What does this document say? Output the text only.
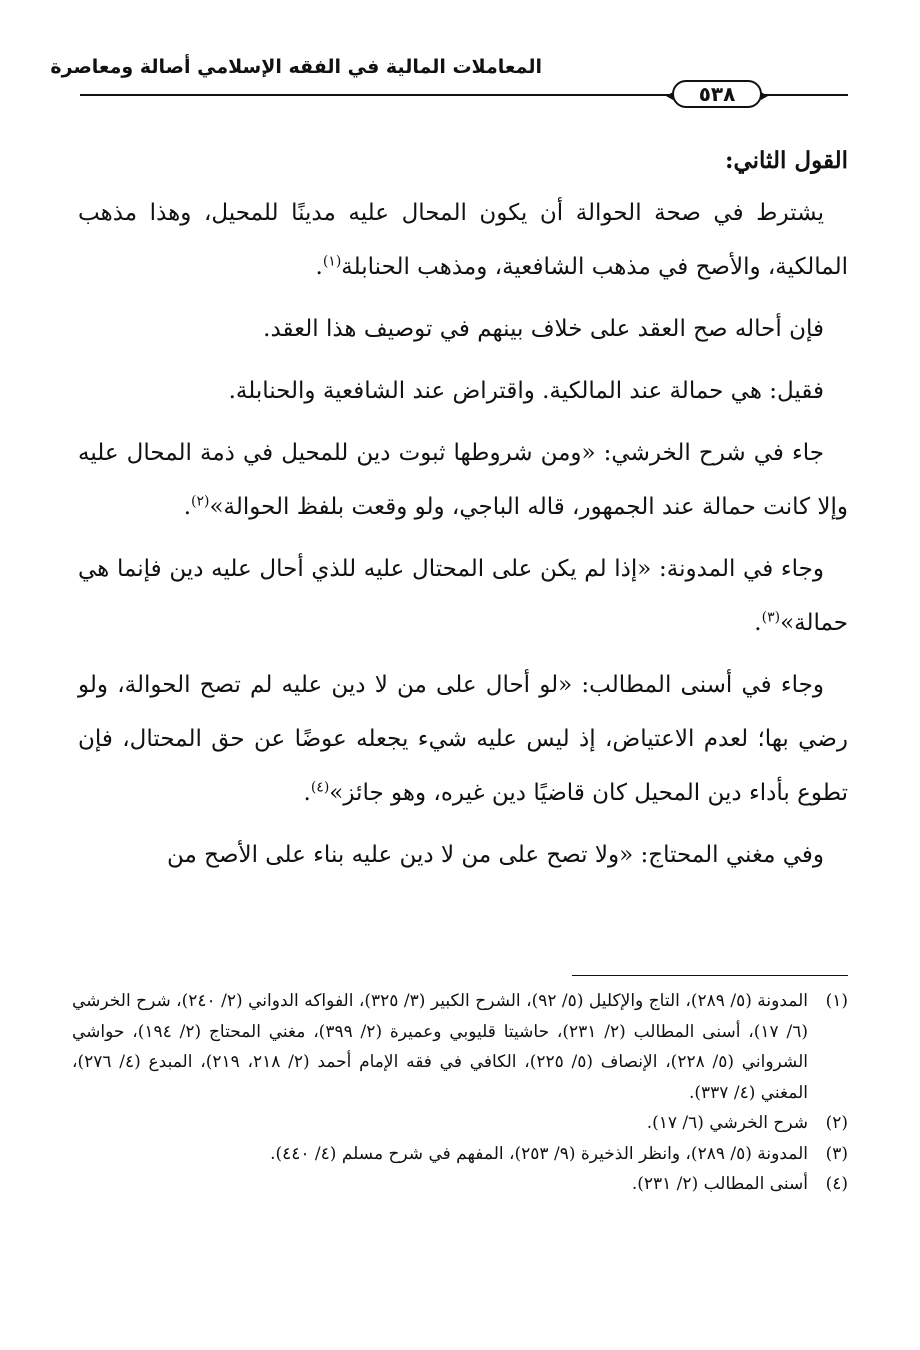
المعاملات المالية في الفقه الإسلامي أصالة ومعاصرة
٥٣٨
القول الثاني:

يشترط في صحة الحوالة أن يكون المحال عليه مدينًا للمحيل، وهذا مذهب المالكية، والأصح في مذهب الشافعية، ومذهب الحنابلة$^{(١)}$.

فإن أحاله صح العقد على خلاف بينهم في توصيف هذا العقد.

فقيل: هي حمالة عند المالكية. واقتراض عند الشافعية والحنابلة.

جاء في شرح الخرشي: «ومن شروطها ثبوت دين للمحيل في ذمة المحال عليه وإلا كانت حمالة عند الجمهور، قاله الباجي، ولو وقعت بلفظ الحوالة»$^{(٢)}$.

وجاء في المدونة: «إذا لم يكن على المحتال عليه للذي أحال عليه دين فإنما هي حمالة»$^{(٣)}$.

وجاء في أسنى المطالب: «لو أحال على من لا دين عليه لم تصح الحوالة، ولو رضي بها؛ لعدم الاعتياض، إذ ليس عليه شيء يجعله عوضًا عن حق المحتال، فإن تطوع بأداء دين المحيل كان قاضيًا دين غيره، وهو جائز»$^{(٤)}$.

وفي مغني المحتاج: «ولا تصح على من لا دين عليه بناء على الأصح من

(١)
المدونة (٥/ ٢٨٩)، التاج والإكليل (٥/ ٩٢)، الشرح الكبير (٣/ ٣٢٥)، الفواكه الدواني (٢/ ٢٤٠)، شرح الخرشي (٦/ ١٧)، أسنى المطالب (٢/ ٢٣١)، حاشيتا قليوبي وعميرة (٢/ ٣٩٩)، مغني المحتاج (٢/ ١٩٤)، حواشي الشرواني (٥/ ٢٢٨)، الإنصاف (٥/ ٢٢٥)، الكافي في فقه الإمام أحمد (٢/ ٢١٨، ٢١٩)، المبدع (٤/ ٢٧٦)، المغني (٤/ ٣٣٧).
(٢)
شرح الخرشي (٦/ ١٧).
(٣)
المدونة (٥/ ٢٨٩)، وانظر الذخيرة (٩/ ٢٥٣)، المفهم في شرح مسلم (٤/ ٤٤٠).
(٤)
أسنى المطالب (٢/ ٢٣١).
